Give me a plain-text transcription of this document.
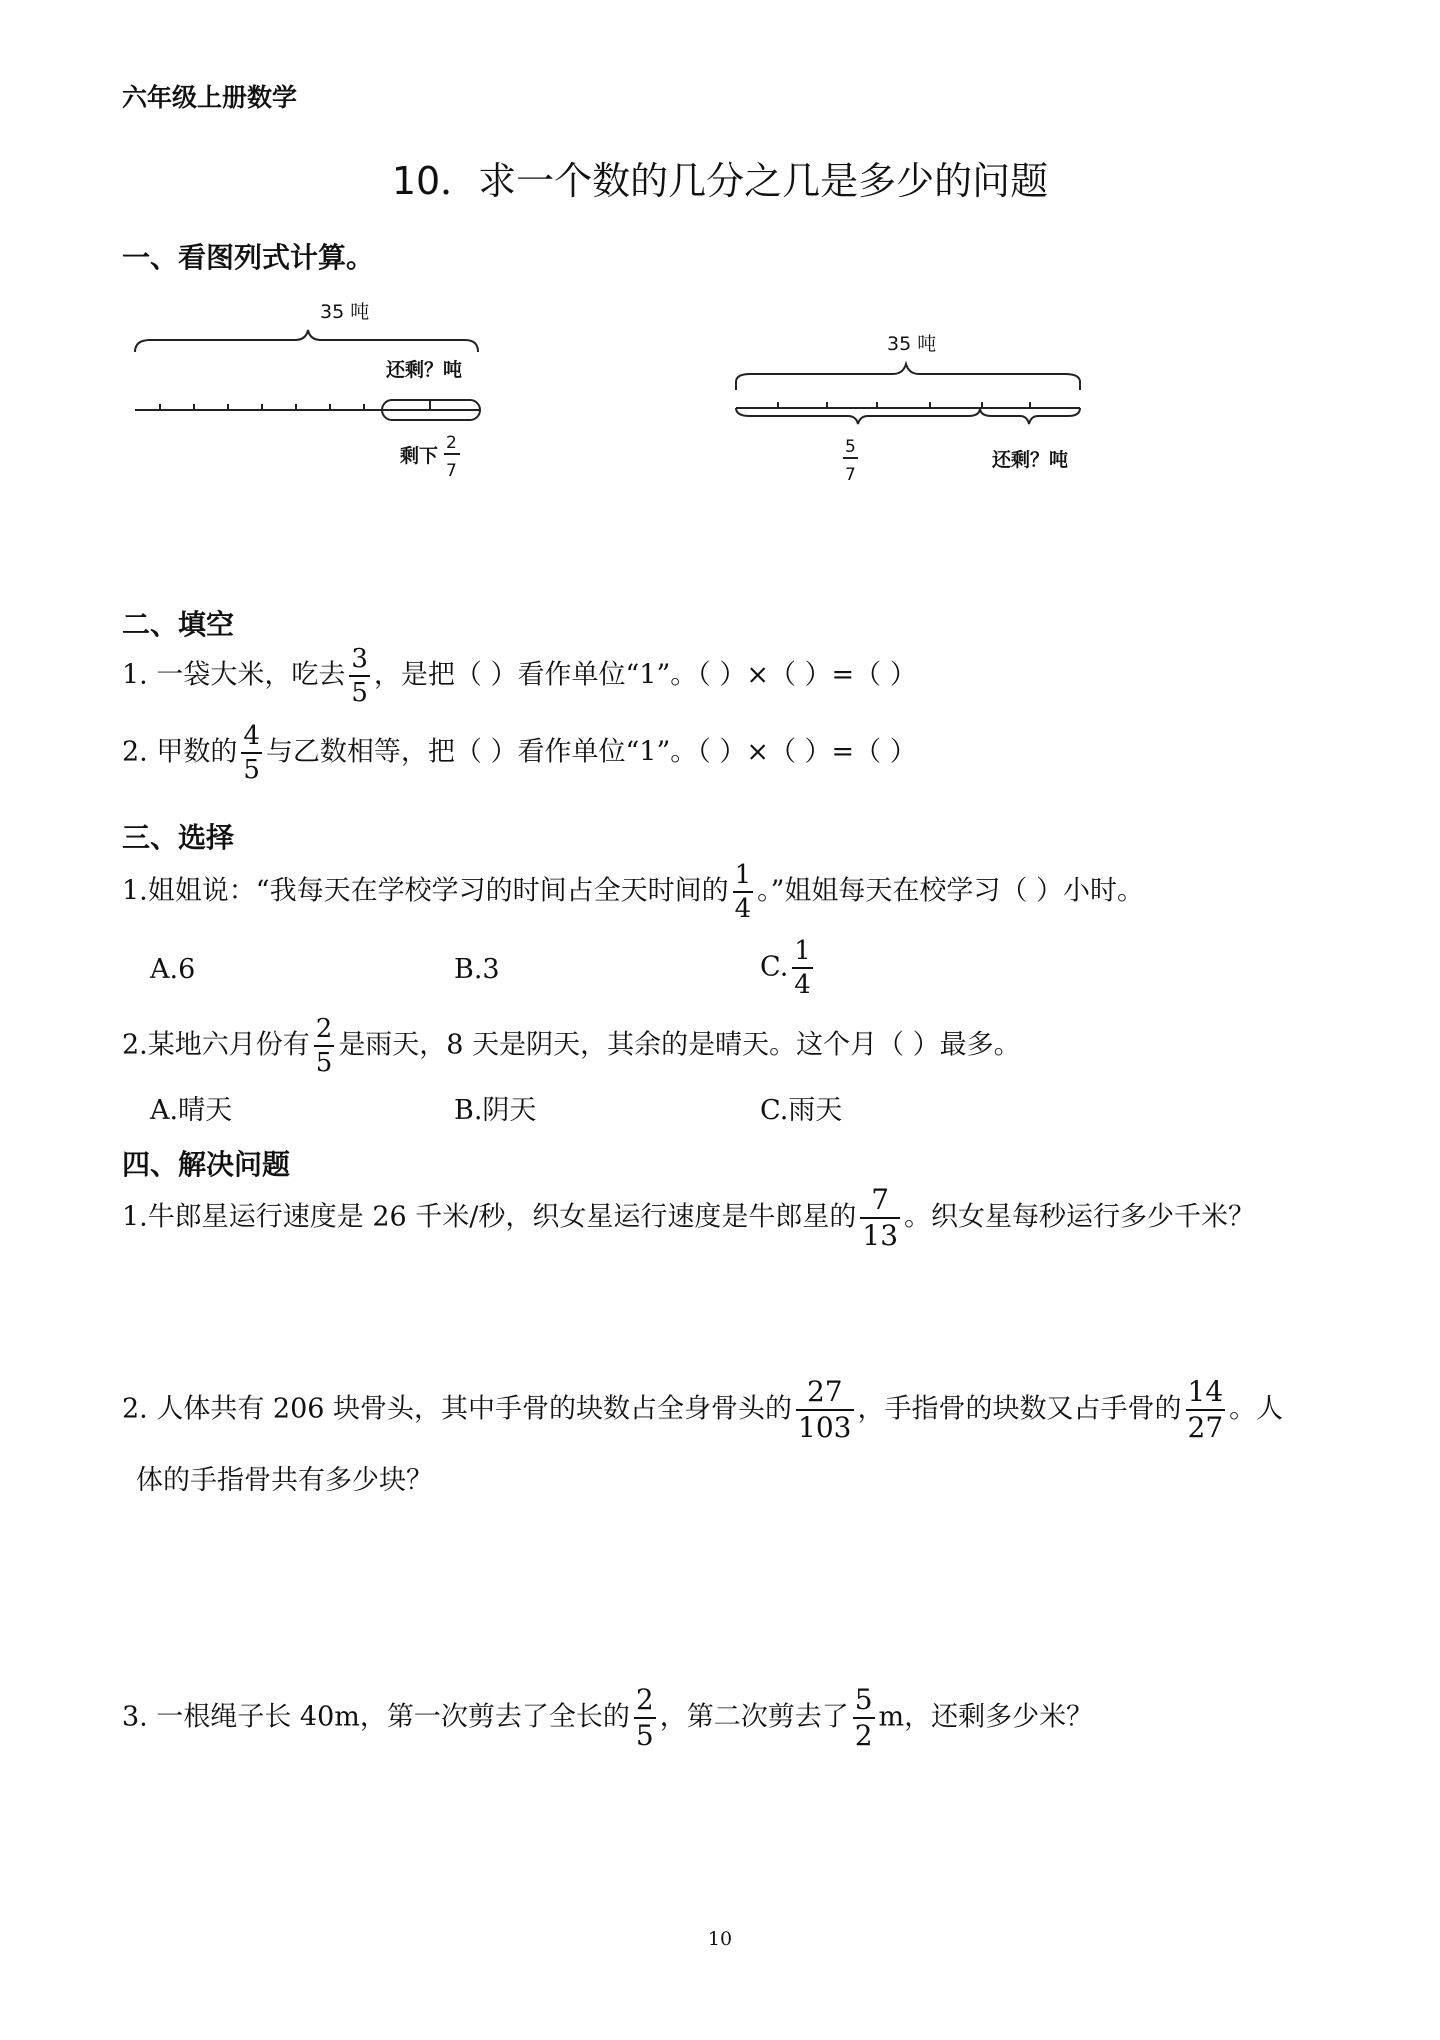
六年级上册数学
10．求一个数的几分之几是多少的问题
一、看图列式计算。
35 吨
还剩？吨
剩下
2
7
35 吨
5
7
还剩？吨
二、填空
1. 一袋大米，吃去 $\frac{3}{5}$ ，是把（ ）看作单位“1”。（ ）×（ ）=（ ）
2. 甲数的 $\frac{4}{5}$ 与乙数相等，把（ ）看作单位“1”。（ ）×（ ）=（ ）
三、选择
1.姐姐说：“我每天在学校学习的时间占全天时间的 $\frac{1}{4}$ 。”姐姐每天在校学习（ ）小时。
A.6	B.3	C. $\frac{1}{4}$
2.某地六月份有 $\frac{2}{5}$ 是雨天，8 天是阴天，其余的是晴天。这个月（ ）最多。
A.晴天	B.阴天	C.雨天
四、解决问题
1.牛郎星运行速度是 26 千米/秒，织女星运行速度是牛郎星的 $\frac{7}{13}$ 。织女星每秒运行多少千米？
2. 人体共有 206 块骨头，其中手骨的块数占全身骨头的 $\frac{27}{103}$ ，手指骨的块数又占手骨的 $\frac{14}{27}$ 。人
体的手指骨共有多少块？
3. 一根绳子长 40m，第一次剪去了全长的 $\frac{2}{5}$ ，第二次剪去了 $\frac{5}{2}$ m，还剩多少米？
10
